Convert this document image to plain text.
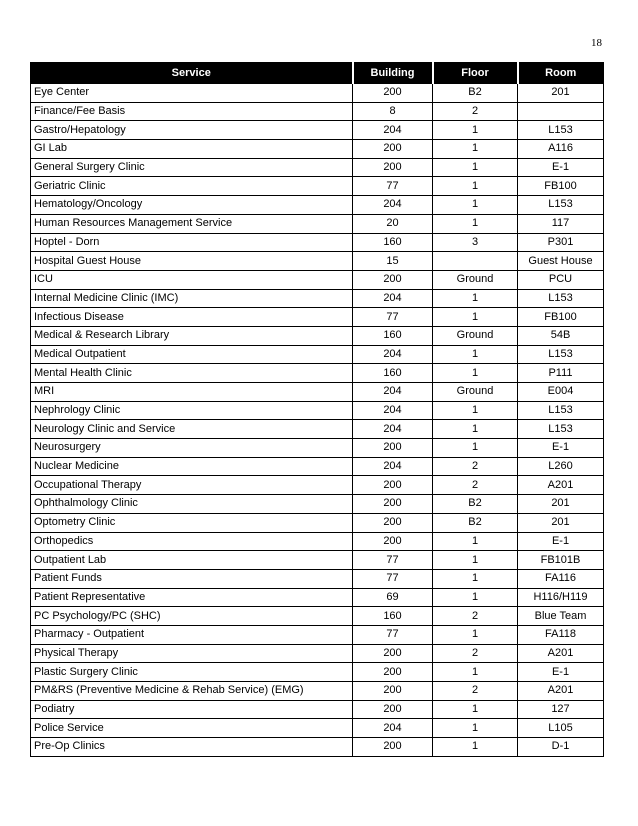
18
Service	Building	Floor	Room
Eye Center	200	B2	201
Finance/Fee Basis	8	2	
Gastro/Hepatology	204	1	L153
GI Lab	200	1	A116
General Surgery Clinic	200	1	E-1
Geriatric Clinic	77	1	FB100
Hematology/Oncology	204	1	L153
Human Resources Management Service	20	1	117
Hoptel - Dorn	160	3	P301
Hospital Guest House	15		Guest House
ICU	200	Ground	PCU
Internal Medicine Clinic (IMC)	204	1	L153
Infectious Disease	77	1	FB100
Medical & Research Library	160	Ground	54B
Medical Outpatient	204	1	L153
Mental Health Clinic	160	1	P111
MRI	204	Ground	E004
Nephrology Clinic	204	1	L153
Neurology Clinic and Service	204	1	L153
Neurosurgery	200	1	E-1
Nuclear Medicine	204	2	L260
Occupational Therapy	200	2	A201
Ophthalmology Clinic	200	B2	201
Optometry Clinic	200	B2	201
Orthopedics	200	1	E-1
Outpatient Lab	77	1	FB101B
Patient Funds	77	1	FA116
Patient Representative	69	1	H116/H119
PC Psychology/PC (SHC)	160	2	Blue Team
Pharmacy - Outpatient	77	1	FA118
Physical Therapy	200	2	A201
Plastic Surgery Clinic	200	1	E-1
PM&RS (Preventive Medicine & Rehab Service) (EMG)	200	2	A201
Podiatry	200	1	127
Police Service	204	1	L105
Pre-Op Clinics	200	1	D-1
